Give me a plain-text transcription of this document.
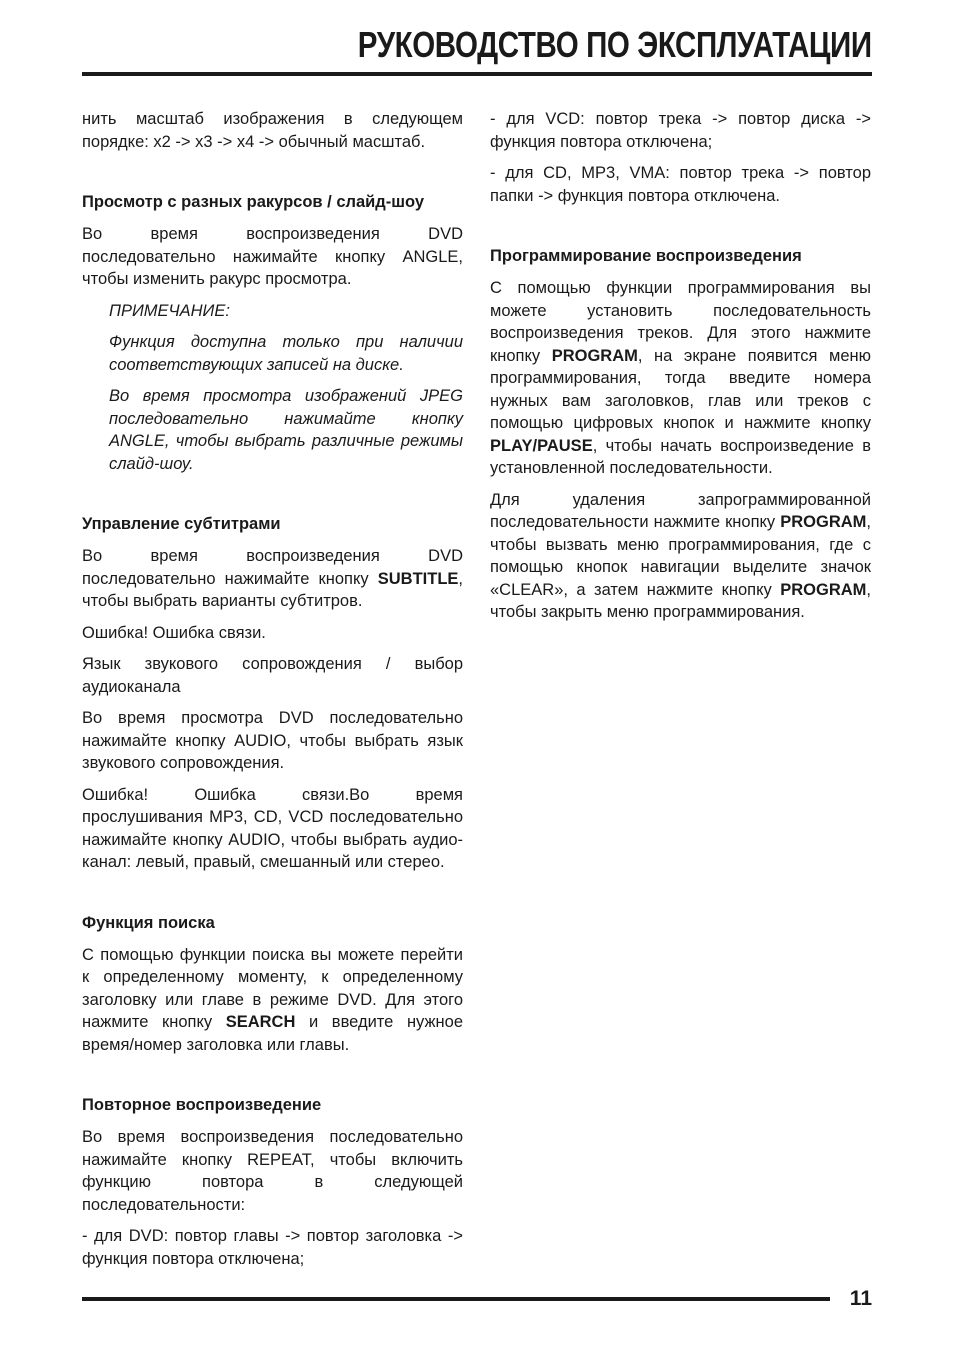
РУКОВОДСТВО ПО ЭКСПЛУАТАЦИИ

нить масштаб изображения в следующем порядке: x2 -> x3 -> x4 -> обычный масштаб.

Просмотр с разных ракурсов / слайд-шоу

Во время воспроизведения DVD последовательно нажимайте кнопку ANGLE, чтобы изменить ракурс просмотра.

ПРИМЕЧАНИЕ:

Функция доступна только при наличии соответствующих записей на диске.

Во время просмотра изображений JPEG последовательно нажимайте кнопку ANGLE, чтобы выбрать различные режимы слайд-шоу.

Управление субтитрами

Во время воспроизведения DVD последовательно нажимайте кнопку SUBTITLE, чтобы выбрать варианты субтитров.

Ошибка! Ошибка связи.

Язык звукового сопровождения / выбор аудиоканала

Во время просмотра DVD последовательно нажимайте кнопку AUDIO, чтобы выбрать язык звукового сопровождения.

Ошибка! Ошибка связи.Во время прослушивания MP3, CD, VCD последовательно нажимайте кнопку AUDIO, чтобы выбрать аудио-канал: левый, правый, смешанный или стерео.

Функция поиска

С помощью функции поиска вы можете перейти к определенному моменту, к определенному заголовку или главе в режиме DVD. Для этого нажмите кнопку SEARCH и введите нужное время/номер заголовка или главы.

Повторное воспроизведение

Во время воспроизведения последовательно нажимайте кнопку REPEAT, чтобы включить функцию повтора в следующей последовательности:

- для DVD: повтор главы -> повтор заголовка -> функция повтора отключена;

- для VCD: повтор трека -> повтор диска -> функция повтора отключена;

- для CD, MP3, VMA: повтор трека -> повтор папки -> функция повтора отключена.

Программирование воспроизведения

С помощью функции программирования вы можете установить последовательность воспроизведения треков. Для этого нажмите кнопку PROGRAM, на экране появится меню программирования, тогда введите номера нужных вам заголовков, глав или треков с помощью цифровых кнопок и нажмите кнопку PLAY/PAUSE, чтобы начать воспроизведение в установленной последовательности.

Для удаления запрограммированной последовательности нажмите кнопку PROGRAM, чтобы вызвать меню программирования, где с помощью кнопок навигации выделите значок «CLEAR», а затем нажмите кнопку PROGRAM, чтобы закрыть меню программирования.

11
